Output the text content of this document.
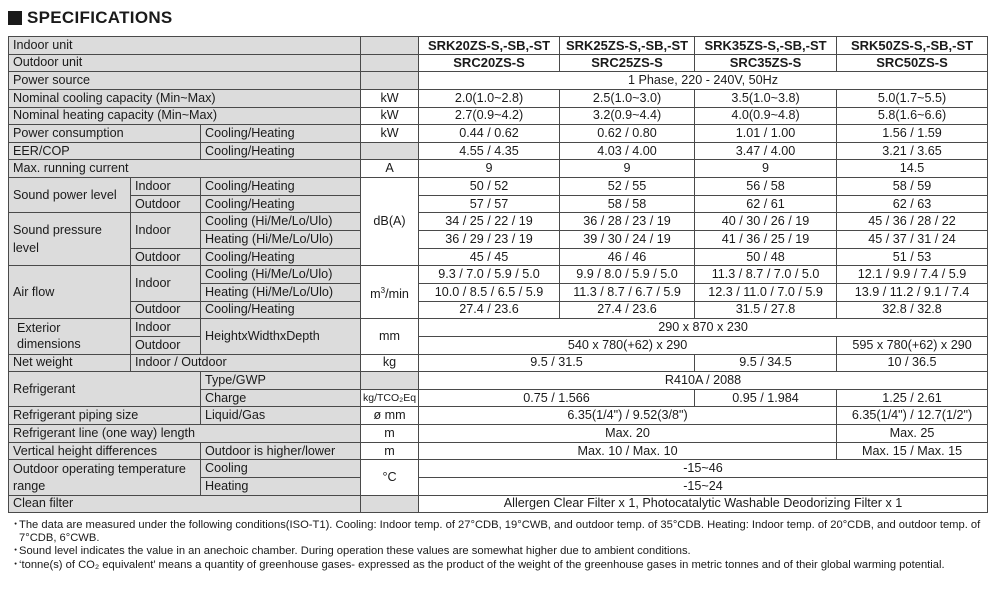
SPECIFICATIONS
Indoor unit				SRK20ZS-S,-SB,-ST	SRK25ZS-S,-SB,-ST	SRK35ZS-S,-SB,-ST	SRK50ZS-S,-SB,-ST
Outdoor unit				SRC20ZS-S	SRC25ZS-S	SRC35ZS-S	SRC50ZS-S
Power source				1 Phase, 220 - 240V, 50Hz			
Nominal cooling capacity (Min~Max)			kW	2.0(1.0~2.8)	2.5(1.0~3.0)	3.5(1.0~3.8)	5.0(1.7~5.5)
Nominal heating capacity (Min~Max)			kW	2.7(0.9~4.2)	3.2(0.9~4.4)	4.0(0.9~4.8)	5.8(1.6~6.6)
Power consumption		Cooling/Heating	kW	0.44 / 0.62	0.62 / 0.80	1.01 / 1.00	1.56 / 1.59
EER/COP		Cooling/Heating		4.55 / 4.35	4.03 / 4.00	3.47 / 4.00	3.21 / 3.65
Max. running current			A	9	9	9	14.5
Sound power level	Indoor	Cooling/Heating	dB(A)	50 / 52	52 / 55	56 / 58	58 / 59
	Outdoor	Cooling/Heating		57 / 57	58 / 58	62 / 61	62 / 63
Sound pressure level	Indoor	Cooling (Hi/Me/Lo/Ulo)		34 / 25 / 22 / 19	36 / 28 / 23 / 19	40 / 30 / 26 / 19	45 / 36 / 28 / 22
		Heating (Hi/Me/Lo/Ulo)		36 / 29 / 23 / 19	39 / 30 / 24 / 19	41 / 36 / 25 / 19	45 / 37 / 31 / 24
	Outdoor	Cooling/Heating		45 / 45	46 / 46	50 / 48	51 / 53
Air flow	Indoor	Cooling (Hi/Me/Lo/Ulo)	$m^3/\min$	9.3 / 7.0 / 5.9 / 5.0	9.9 / 8.0 / 5.9 / 5.0	11.3 / 8.7 / 7.0 / 5.0	12.1 / 9.9 / 7.4 / 5.9
		Heating (Hi/Me/Lo/Ulo)		10.0 / 8.5 / 6.5 / 5.9	11.3 / 8.7 / 6.7 / 5.9	12.3 / 11.0 / 7.0 / 5.9	13.9 / 11.2 / 9.1 / 7.4
	Outdoor	Cooling/Heating		27.4 / 23.6	27.4 / 23.6	31.5 / 27.8	32.8 / 32.8
Exterior dimensions	Indoor	HeightxWidthxDepth	mm	290 x 870 x 230			
	Outdoor			540 x 780(+62) x 290			595 x 780(+62) x 290
Net weight	Indoor / Outdoor		kg	9.5 / 31.5		9.5 / 34.5	10 / 36.5
Refrigerant		Type/GWP		R410A / 2088			
		Charge	kg/TCO₂Eq	0.75 / 1.566		0.95 / 1.984	1.25 / 2.61
Refrigerant piping size		Liquid/Gas	ø mm	6.35(1/4") / 9.52(3/8")			6.35(1/4") / 12.7(1/2")
Refrigerant line (one way) length			m	Max. 20			Max. 25
Vertical height differences		Outdoor is higher/lower	m	Max. 10 / Max. 10			Max. 15 / Max. 15
Outdoor operating temperature range		Cooling	°C	-15~46			
		Heating		-15~24			
Clean filter				Allergen Clear Filter x 1, Photocatalytic Washable Deodorizing Filter x 1			
・
The data are measured under the following conditions(ISO-T1). Cooling: Indoor temp. of 27°CDB, 19°CWB, and outdoor temp. of 35°CDB. Heating: Indoor temp. of 20°CDB, and outdoor temp. of 7°CDB, 6°CWB.
・
Sound level indicates the value in an anechoic chamber. During operation these values are somewhat higher due to ambient conditions.
・
‘tonne(s) of CO₂ equivalent’ means a quantity of greenhouse gases- expressed as the product of the weight of the greenhouse gases in metric tonnes and of their global warming potential.
